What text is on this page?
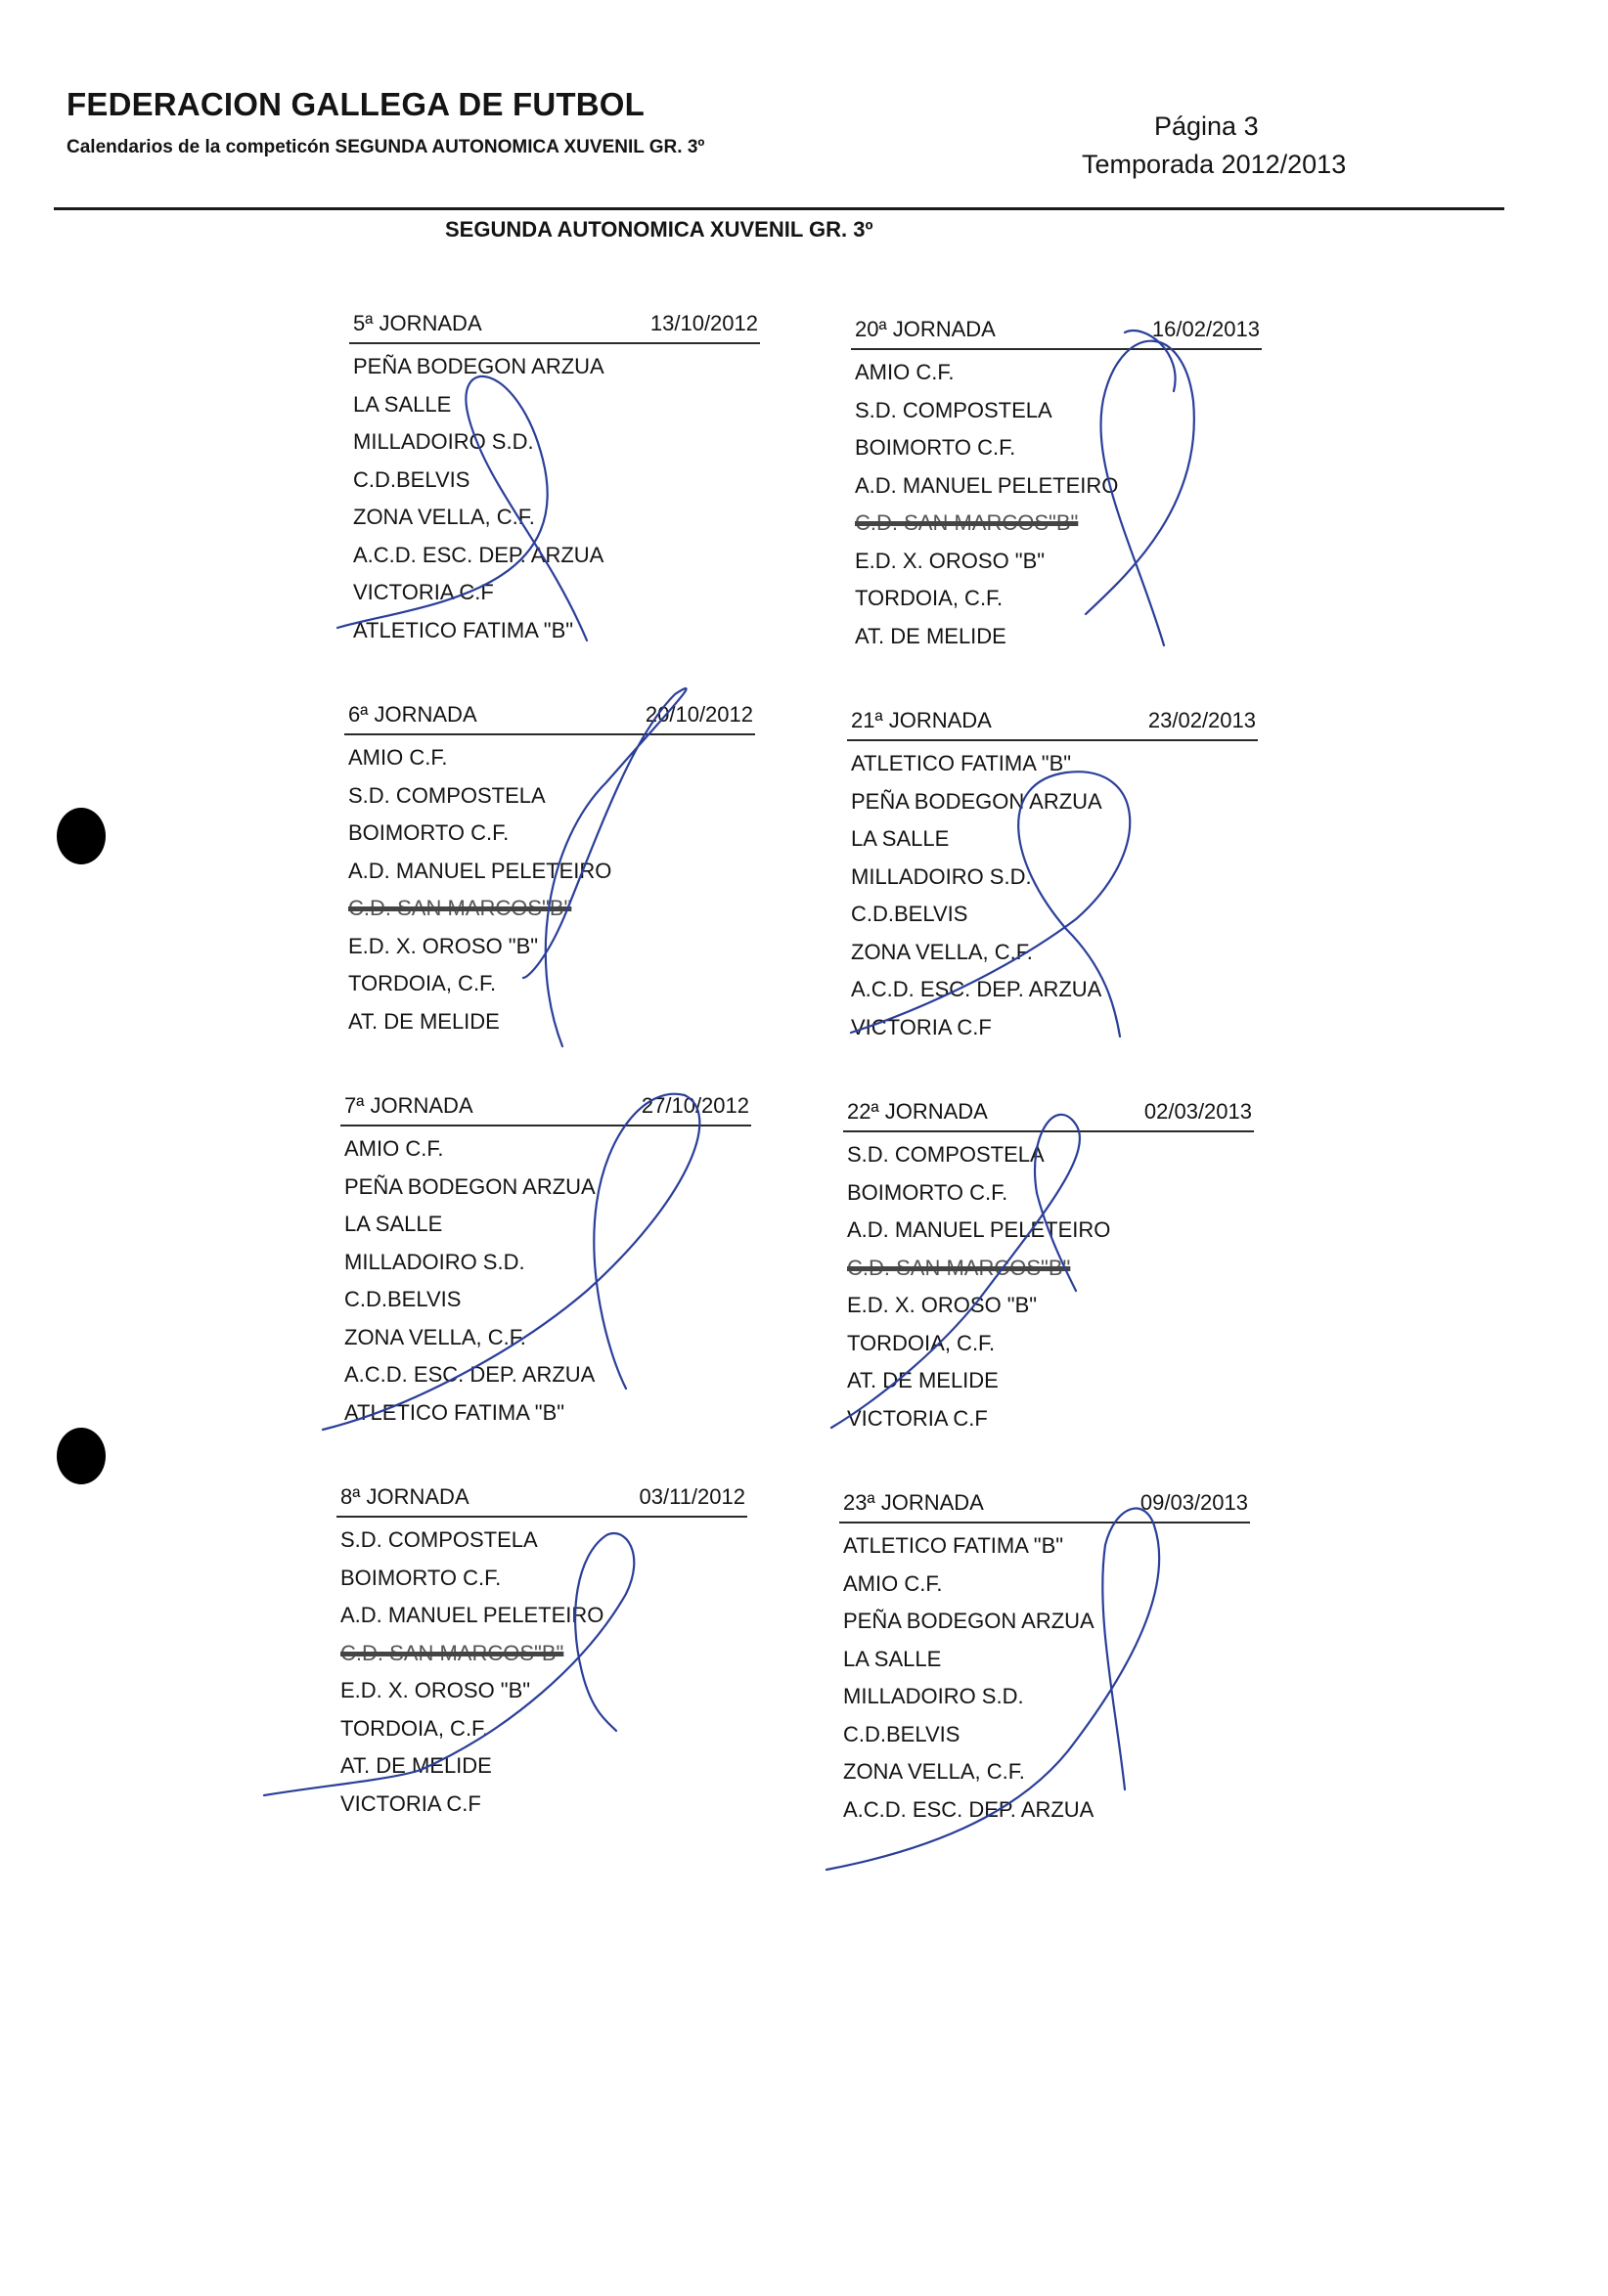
FEDERACION GALLEGA DE FUTBOL
Calendarios de la competicón SEGUNDA AUTONOMICA XUVENIL GR. 3º
Página 3
Temporada 2012/2013
SEGUNDA AUTONOMICA XUVENIL GR. 3º
5ª JORNADA	13/10/2012
PEÑA BODEGON ARZUA
LA SALLE
MILLADOIRO S.D.
C.D.BELVIS
ZONA VELLA, C.F.
A.C.D. ESC. DEP. ARZUA
VICTORIA C.F
ATLETICO FATIMA "B"
20ª JORNADA	16/02/2013
AMIO C.F.
S.D. COMPOSTELA
BOIMORTO C.F.
A.D. MANUEL PELETEIRO
C.D. SAN MARCOS"B"
E.D. X. OROSO "B"
TORDOIA, C.F.
AT. DE MELIDE
6ª JORNADA	20/10/2012
AMIO C.F.
S.D. COMPOSTELA
BOIMORTO C.F.
A.D. MANUEL PELETEIRO
C.D. SAN MARCOS"B"
E.D. X. OROSO "B"
TORDOIA, C.F.
AT. DE MELIDE
21ª JORNADA	23/02/2013
ATLETICO FATIMA "B"
PEÑA BODEGON ARZUA
LA SALLE
MILLADOIRO S.D.
C.D.BELVIS
ZONA VELLA, C.F.
A.C.D. ESC. DEP. ARZUA
VICTORIA C.F
7ª JORNADA	27/10/2012
AMIO C.F.
PEÑA BODEGON ARZUA
LA SALLE
MILLADOIRO S.D.
C.D.BELVIS
ZONA VELLA, C.F.
A.C.D. ESC. DEP. ARZUA
ATLETICO FATIMA "B"
22ª JORNADA	02/03/2013
S.D. COMPOSTELA
BOIMORTO C.F.
A.D. MANUEL PELETEIRO
C.D. SAN MARCOS"B"
E.D. X. OROSO "B"
TORDOIA, C.F.
AT. DE MELIDE
VICTORIA C.F
8ª JORNADA	03/11/2012
S.D. COMPOSTELA
BOIMORTO C.F.
A.D. MANUEL PELETEIRO
C.D. SAN MARCOS"B"
E.D. X. OROSO "B"
TORDOIA, C.F.
AT. DE MELIDE
VICTORIA C.F
23ª JORNADA	09/03/2013
ATLETICO FATIMA "B"
AMIO C.F.
PEÑA BODEGON ARZUA
LA SALLE
MILLADOIRO S.D.
C.D.BELVIS
ZONA VELLA, C.F.
A.C.D. ESC. DEP. ARZUA
